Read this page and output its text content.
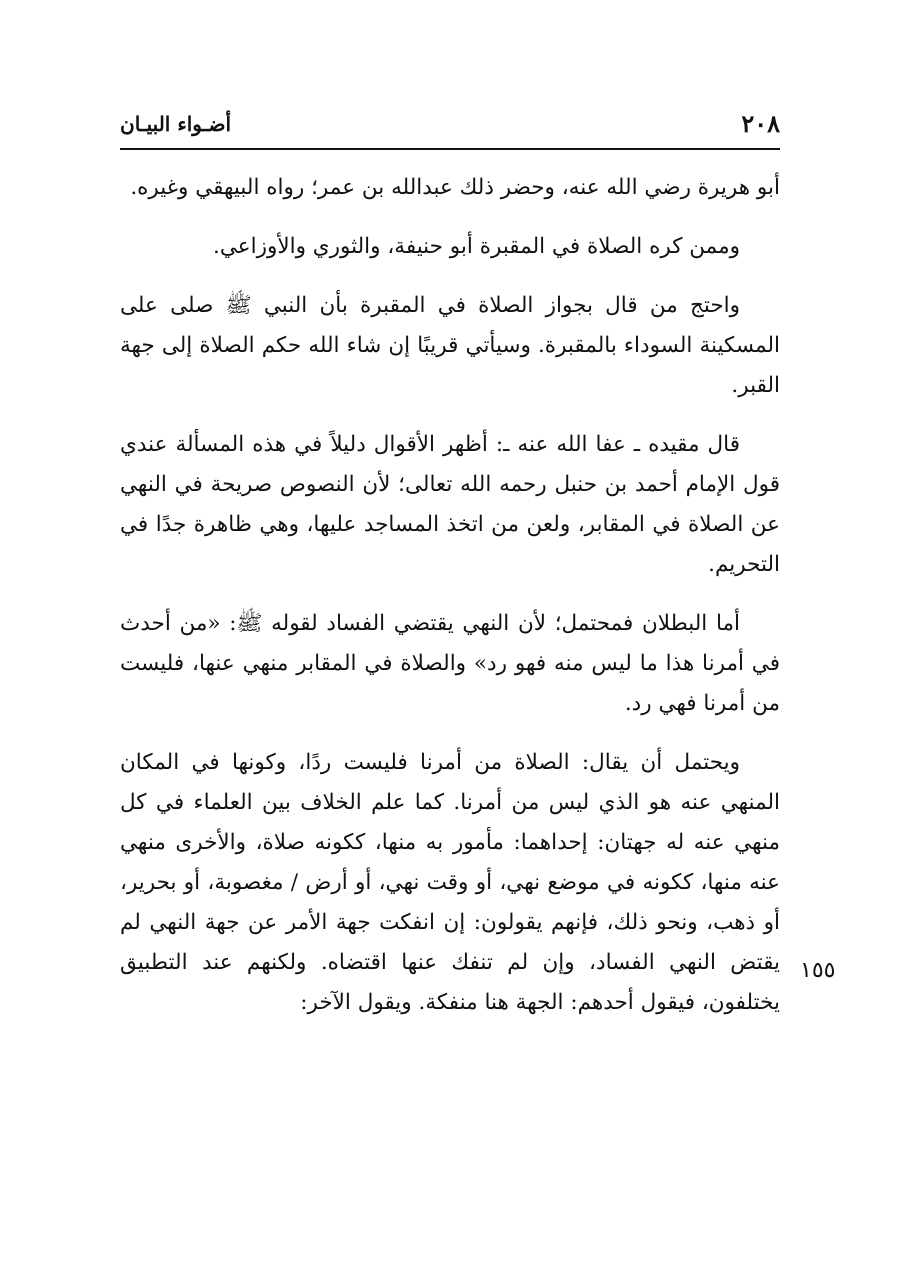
٢٠٨
أضـواء البيـان

أبو هريرة رضي الله عنه، وحضر ذلك عبدالله بن عمر؛ رواه البيهقي وغيره.

وممن كره الصلاة في المقبرة أبو حنيفة، والثوري والأوزاعي.

واحتج من قال بجواز الصلاة في المقبرة بأن النبي ﷺ صلى على المسكينة السوداء بالمقبرة. وسيأتي قريبًا إن شاء الله حكم الصلاة إلى جهة القبر.

قال مقيده ـ عفا الله عنه ـ: أظهر الأقوال دليلاً في هذه المسألة عندي قول الإمام أحمد بن حنبل رحمه الله تعالى؛ لأن النصوص صريحة في النهي عن الصلاة في المقابر، ولعن من اتخذ المساجد عليها، وهي ظاهرة جدًا في التحريم.

أما البطلان فمحتمل؛ لأن النهي يقتضي الفساد لقوله ﷺ: «من أحدث في أمرنا هذا ما ليس منه فهو رد» والصلاة في المقابر منهي عنها، فليست من أمرنا فهي رد.

ويحتمل أن يقال: الصلاة من أمرنا فليست ردًا، وكونها في المكان المنهي عنه هو الذي ليس من أمرنا. كما علم الخلاف بين العلماء في كل منهي عنه له جهتان: إحداهما: مأمور به منها، ككونه صلاة، والأخرى منهي عنه منها، ككونه في موضع نهي، أو وقت نهي، أو أرض / مغصوبة، أو بحرير، أو ذهب، ونحو ذلك، فإنهم يقولون: إن انفكت جهة الأمر عن جهة النهي لم يقتض النهي الفساد، وإن لم تنفك عنها اقتضاه. ولكنهم عند التطبيق يختلفون، فيقول أحدهم: الجهة هنا منفكة. ويقول الآخر:

١٥٥
